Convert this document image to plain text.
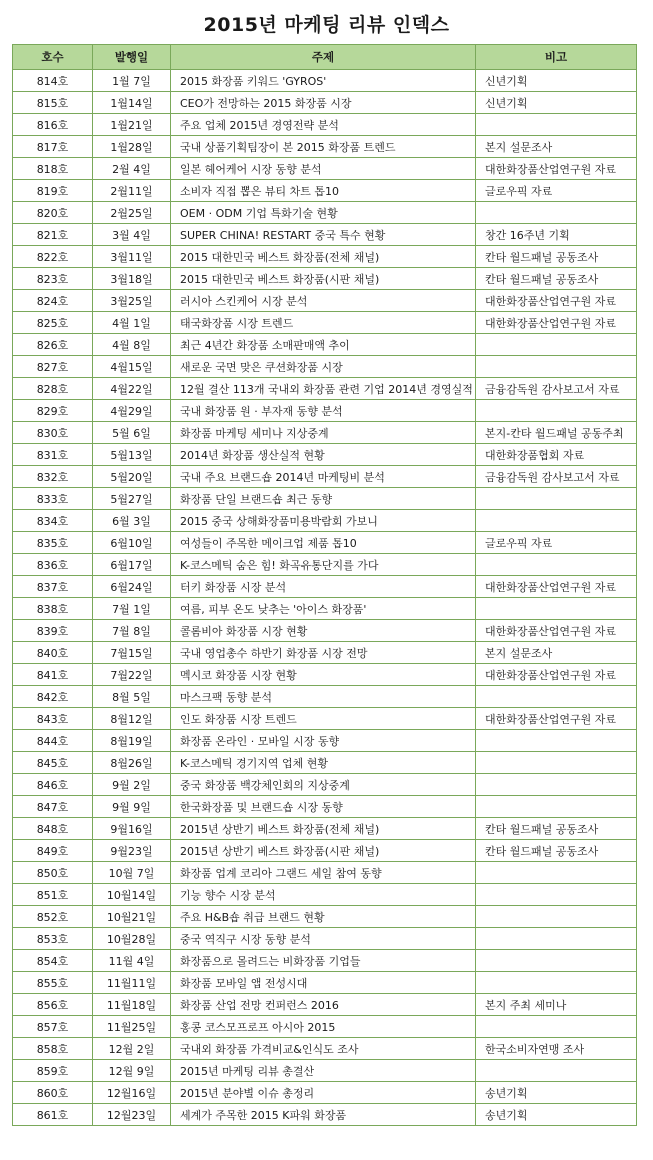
2015년 마케팅 리뷰 인덱스
호수	발행일	주제	비고
814호	1월 7일	2015 화장품 키워드 'GYROS'	신년기획
815호	1월14일	CEO가 전망하는 2015 화장품 시장	신년기획
816호	1월21일	주요 업체 2015년 경영전략 분석	
817호	1월28일	국내 상품기획팀장이 본 2015 화장품 트렌드	본지 설문조사
818호	2월 4일	일본 헤어케어 시장 동향 분석	대한화장품산업연구원 자료
819호	2월11일	소비자 직접 뽑은 뷰티 차트 톱10	글로우픽 자료
820호	2월25일	OEM · ODM 기업 특화기술 현황	
821호	3월 4일	SUPER CHINA! RESTART 중국 특수 현황	창간 16주년 기획
822호	3월11일	2015 대한민국 베스트 화장품(전체 채널)	칸타 월드패널 공동조사
823호	3월18일	2015 대한민국 베스트 화장품(시판 채널)	칸타 월드패널 공동조사
824호	3월25일	러시아 스킨케어 시장 분석	대한화장품산업연구원 자료
825호	4월 1일	태국화장품 시장 트렌드	대한화장품산업연구원 자료
826호	4월 8일	최근 4년간 화장품 소매판매액 추이	
827호	4월15일	새로운 국면 맞은 쿠션화장품 시장	
828호	4월22일	12월 결산 113개 국내외 화장품 관련 기업 2014년 경영실적	금융감독원 감사보고서 자료
829호	4월29일	국내 화장품 원 · 부자재 동향 분석	
830호	5월 6일	화장품 마케팅 세미나 지상중계	본지-칸타 월드패널 공동주최
831호	5월13일	2014년 화장품 생산실적 현황	대한화장품협회 자료
832호	5월20일	국내 주요 브랜드숍 2014년 마케팅비 분석	금융감독원 감사보고서 자료
833호	5월27일	화장품 단일 브랜드숍 최근 동향	
834호	6월 3일	2015 중국 상해화장품미용박람회 가보니	
835호	6월10일	여성들이 주목한 메이크업 제품 톱10	글로우픽 자료
836호	6월17일	K-코스메틱 숨은 힘! 화곡유통단지를 가다	
837호	6월24일	터키 화장품 시장 분석	대한화장품산업연구원 자료
838호	7월 1일	여름, 피부 온도 낮추는 '아이스 화장품'	
839호	7월 8일	콜롬비아 화장품 시장 현황	대한화장품산업연구원 자료
840호	7월15일	국내 영업총수 하반기 화장품 시장 전망	본지 설문조사
841호	7월22일	멕시코 화장품 시장 현황	대한화장품산업연구원 자료
842호	8월 5일	마스크팩 동향 분석	
843호	8월12일	인도 화장품 시장 트렌드	대한화장품산업연구원 자료
844호	8월19일	화장품 온라인 · 모바일 시장 동향	
845호	8월26일	K-코스메틱 경기지역 업체 현황	
846호	9월 2일	중국 화장품 백강체인회의 지상중계	
847호	9월 9일	한국화장품 및 브랜드숍 시장 동향	
848호	9월16일	2015년 상반기 베스트 화장품(전체 채널)	칸타 월드패널 공동조사
849호	9월23일	2015년 상반기 베스트 화장품(시판 채널)	칸타 월드패널 공동조사
850호	10월 7일	화장품 업계 코리아 그랜드 세일 참여 동향	
851호	10월14일	기능 향수 시장 분석	
852호	10월21일	주요 H&B숍 취급 브랜드 현황	
853호	10월28일	중국 역직구 시장 동향 분석	
854호	11월 4일	화장품으로 몰려드는 비화장품 기업들	
855호	11월11일	화장품 모바일 앱 전성시대	
856호	11월18일	화장품 산업 전망 컨퍼런스 2016	본지 주최 세미나
857호	11월25일	홍콩 코스모프로프 아시아 2015	
858호	12월 2일	국내외 화장품 가격비교&인식도 조사	한국소비자연맹 조사
859호	12월 9일	2015년 마케팅 리뷰 총결산	
860호	12월16일	2015년 분야별 이슈 총정리	송년기획
861호	12월23일	세계가 주목한 2015 K파워 화장품	송년기획
